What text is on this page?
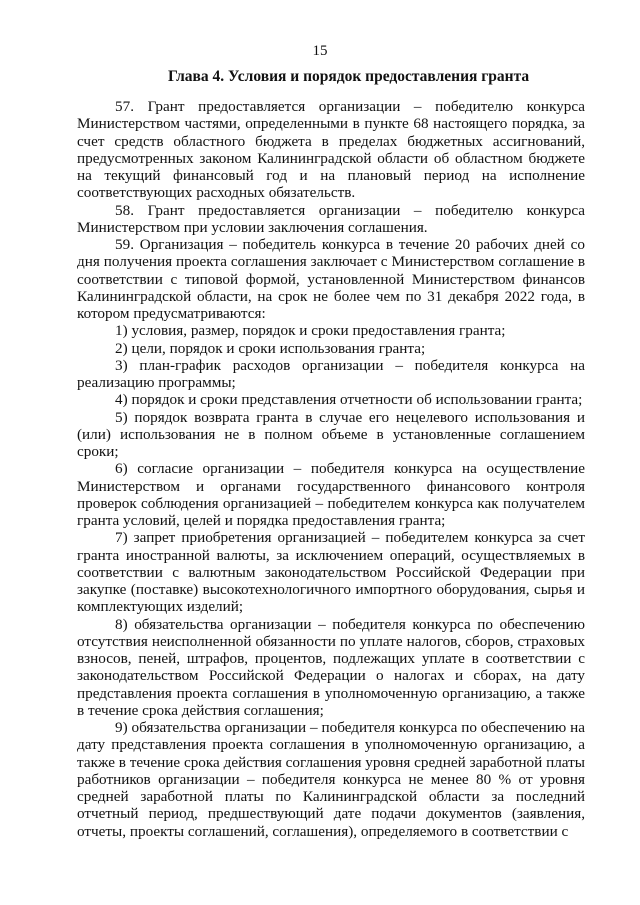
15
Глава 4. Условия и порядок предоставления гранта

57. Грант предоставляется организации – победителю конкурса Министерством частями, определенными в пункте 68 настоящего порядка, за счет средств областного бюджета в пределах бюджетных ассигнований, предусмотренных законом Калининградской области об областном бюджете на текущий финансовый год и на плановый период на исполнение соответствующих расходных обязательств.

58. Грант предоставляется организации – победителю конкурса Министерством при условии заключения соглашения.

59. Организация – победитель конкурса в течение 20 рабочих дней со дня получения проекта соглашения заключает с Министерством соглашение в соответствии с типовой формой, установленной Министерством финансов Калининградской области, на срок не более чем по 31 декабря 2022 года, в котором предусматриваются:

1) условия, размер, порядок и сроки предоставления гранта;

2) цели, порядок и сроки использования гранта;

3) план-график расходов организации – победителя конкурса на реализацию программы;

4) порядок и сроки представления отчетности об использовании гранта;

5) порядок возврата гранта в случае его нецелевого использования и (или) использования не в полном объеме в установленные соглашением сроки;

6) согласие организации – победителя конкурса на осуществление Министерством и органами государственного финансового контроля проверок соблюдения организацией – победителем конкурса как получателем гранта условий, целей и порядка предоставления гранта;

7) запрет приобретения организацией – победителем конкурса за счет гранта иностранной валюты, за исключением операций, осуществляемых в соответствии с валютным законодательством Российской Федерации при закупке (поставке) высокотехнологичного импортного оборудования, сырья и комплектующих изделий;

8) обязательства организации – победителя конкурса по обеспечению отсутствия неисполненной обязанности по уплате налогов, сборов, страховых взносов, пеней, штрафов, процентов, подлежащих уплате в соответствии с законодательством Российской Федерации о налогах и сборах, на дату представления проекта соглашения в уполномоченную организацию, а также в течение срока действия соглашения;

9) обязательства организации – победителя конкурса по обеспечению на дату представления проекта соглашения в уполномоченную организацию, а также в течение срока действия соглашения уровня средней заработной платы работников организации – победителя конкурса не менее 80 % от уровня средней заработной платы по Калининградской области за последний отчетный период, предшествующий дате подачи документов (заявления, отчеты, проекты соглашений, соглашения), определяемого в соответствии с
